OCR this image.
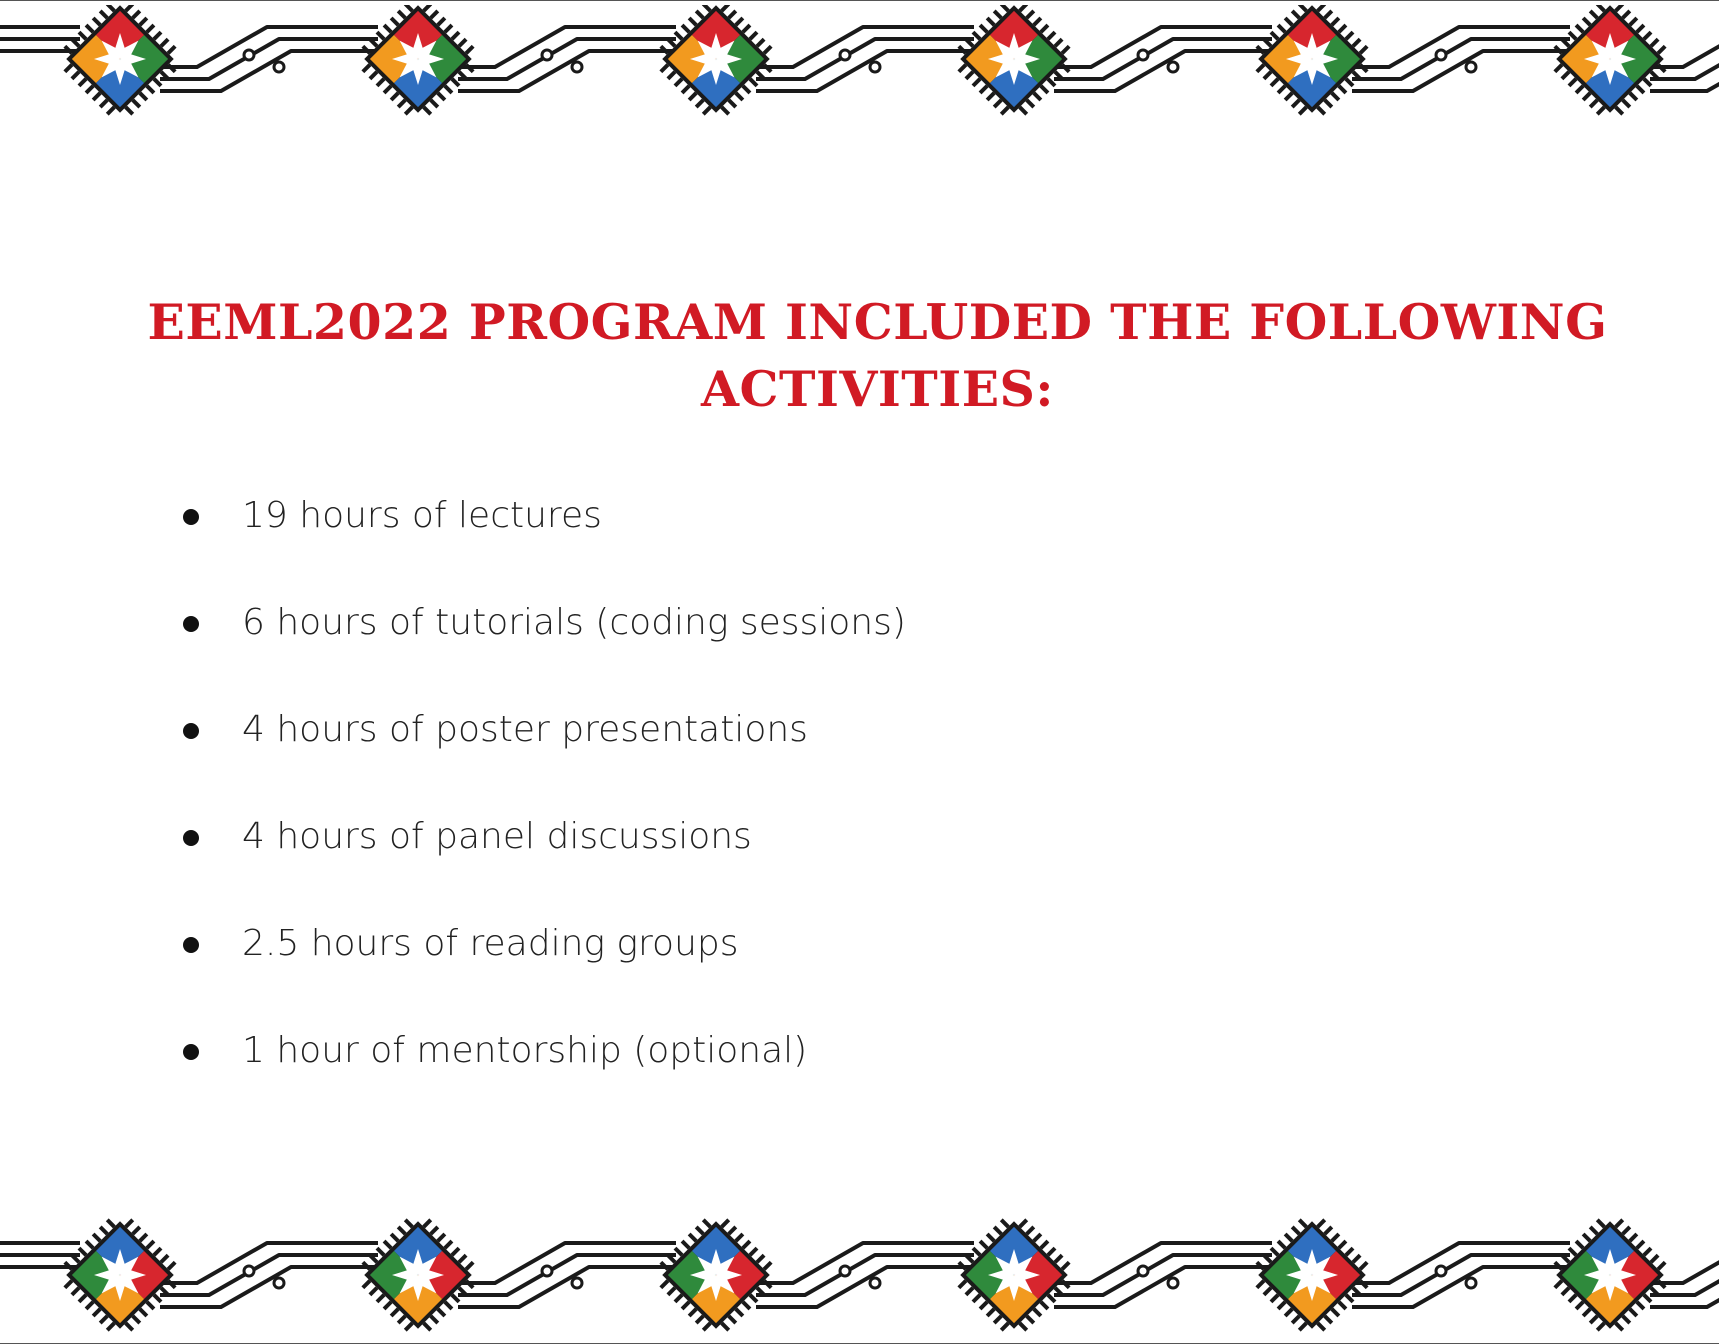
EEML2022 PROGRAM INCLUDED THE FOLLOWING
ACTIVITIES:
19 hours of lectures
6 hours of tutorials (coding sessions)
4 hours of poster presentations
4 hours of panel discussions
2.5 hours of reading groups
1 hour of mentorship (optional)
